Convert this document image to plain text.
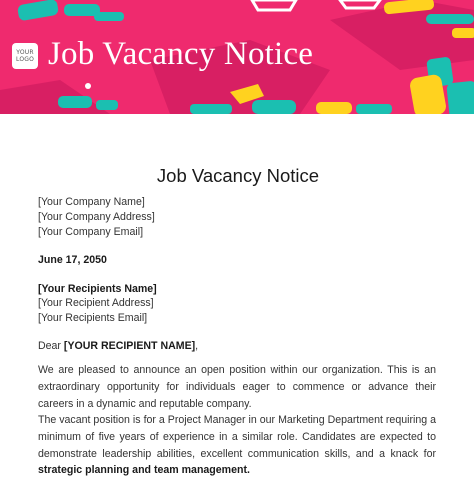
YOUR
LOGO Job Vacancy Notice
Job Vacancy Notice
[Your Company Name]
[Your Company Address]
[Your Company Email]
June 17, 2050
[Your Recipients Name]
[Your Recipient Address]
[Your Recipients Email]
Dear [YOUR RECIPIENT NAME],

We are pleased to announce an open position within our organization. This is an extraordinary opportunity for individuals eager to commence or advance their careers in a dynamic and reputable company.

The vacant position is for a Project Manager in our Marketing Department requiring a minimum of five years of experience in a similar role. Candidates are expected to demonstrate leadership abilities, excellent communication skills, and a knack for strategic planning and team management.
